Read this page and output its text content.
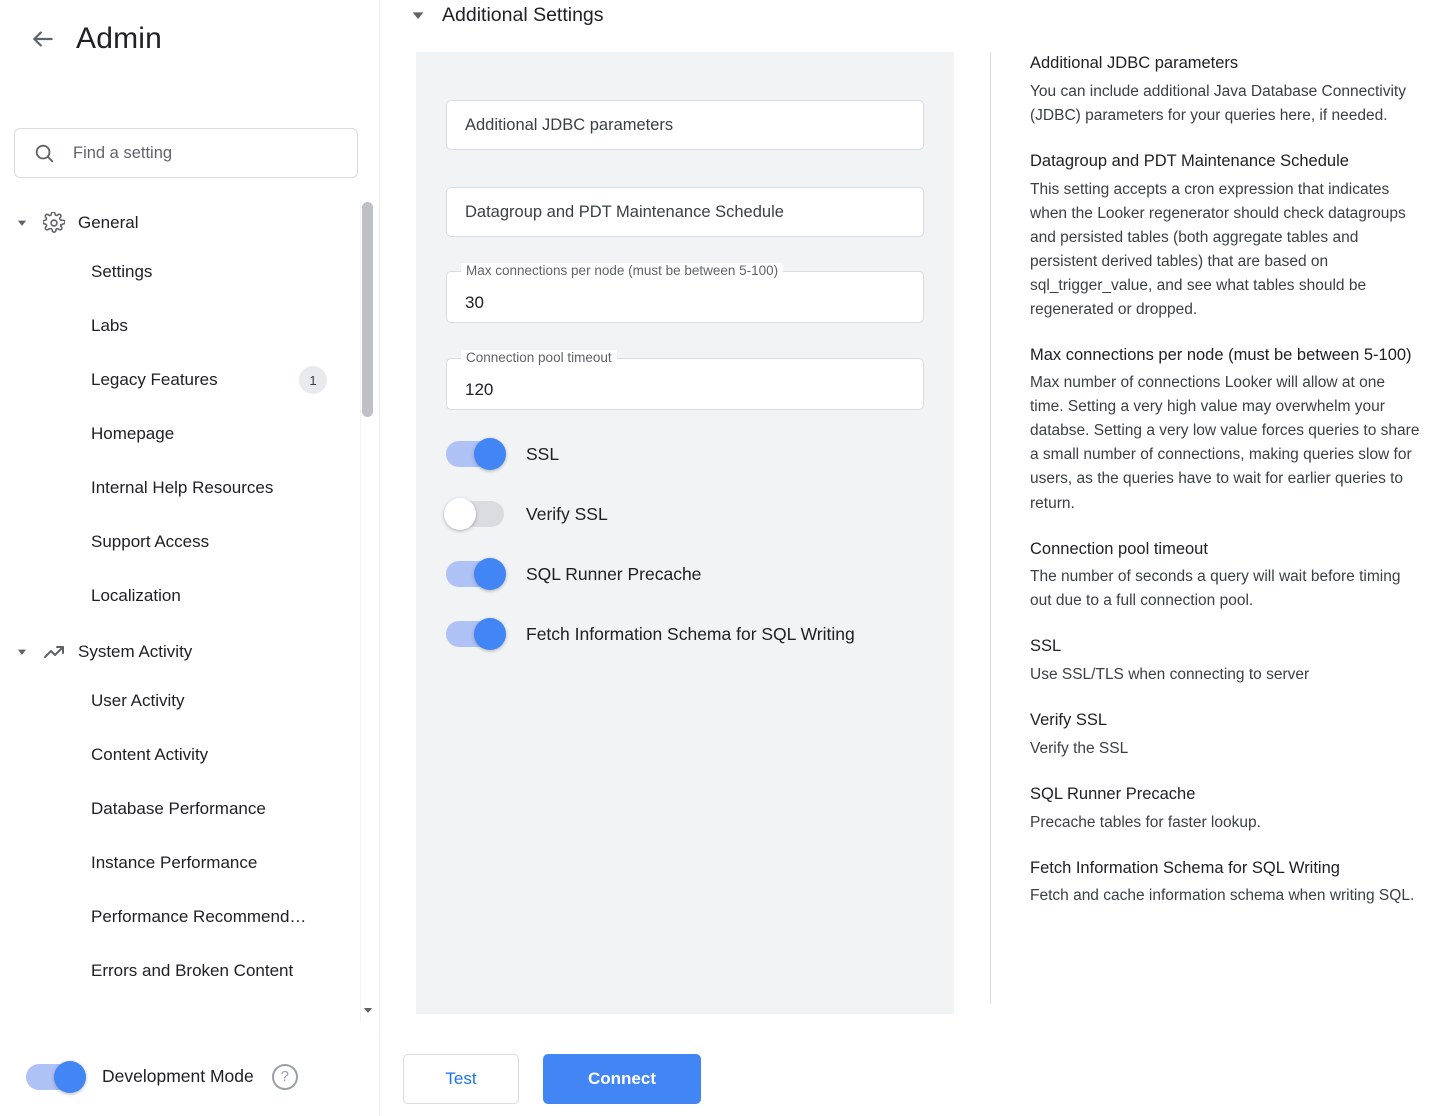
Admin
Find a setting
General
Settings
Labs
Legacy Features	1
Homepage
Internal Help Resources
Support Access
Localization
System Activity
User Activity
Content Activity
Database Performance
Instance Performance
Performance Recommend…
Errors and Broken Content
Development Mode	?
Additional Settings
Additional JDBC parameters
Datagroup and PDT Maintenance Schedule
Max connections per node (must be between 5-100)
30
Connection pool timeout
120
SSL
Verify SSL
SQL Runner Precache
Fetch Information Schema for SQL Writing
Test	Connect
Additional JDBC parameters
You can include additional Java Database Connectivity (JDBC) parameters for your queries here, if needed.
Datagroup and PDT Maintenance Schedule
This setting accepts a cron expression that indicates when the Looker regenerator should check datagroups and persisted tables (both aggregate tables and persistent derived tables) that are based on sql_trigger_value, and see what tables should be regenerated or dropped.
Max connections per node (must be between 5-100)
Max number of connections Looker will allow at one time. Setting a very high value may overwhelm your databse. Setting a very low value forces queries to share a small number of connections, making queries slow for users, as the queries have to wait for earlier queries to return.
Connection pool timeout
The number of seconds a query will wait before timing out due to a full connection pool.
SSL
Use SSL/TLS when connecting to server
Verify SSL
Verify the SSL
SQL Runner Precache
Precache tables for faster lookup.
Fetch Information Schema for SQL Writing
Fetch and cache information schema when writing SQL.
